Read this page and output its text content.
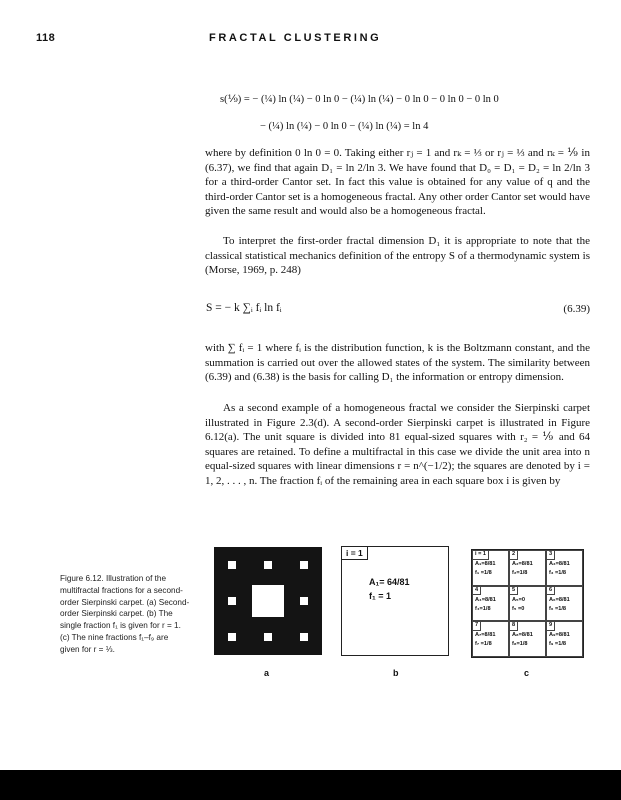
118	FRACTAL CLUSTERING
s(⅑) = − (¼) ln (¼) − 0 ln 0 − (¼) ln (¼) − 0 ln 0 − 0 ln 0 − 0 ln 0
− (¼) ln (¼) − 0 ln 0 − (¼) ln (¼) = ln 4

where by definition 0 ln 0 = 0. Taking either rⱼ = 1 and rₖ = ⅓ or rⱼ = ⅓ and rₖ = ⅑ in (6.37), we find that again D₁ = ln 2/ln 3. We have found that D₀ = D₁ = D₂ = ln 2/ln 3 for a third-order Cantor set. In fact this value is obtained for any value of q and the third-order Cantor set is a homogeneous fractal. Any other order Cantor set would have given the same result and would also be a homogeneous fractal.

To interpret the first-order fractal dimension D₁ it is appropriate to note that the classical statistical mechanics definition of the entropy S of a thermodynamic system is (Morse, 1969, p. 248)

S = − k ∑ᵢ fᵢ ln fᵢ	(6.39)

with ∑ fᵢ = 1 where fᵢ is the distribution function, k is the Boltzmann constant, and the summation is carried out over the allowed states of the system. The similarity between (6.39) and (6.38) is the basis for calling D₁ the information or entropy dimension.

As a second example of a homogeneous fractal we consider the Sierpinski carpet illustrated in Figure 2.3(d). A second-order Sierpinski carpet is illustrated in Figure 6.12(a). The unit square is divided into 81 equal-sized squares with r₂ = ⅑ and 64 squares are retained. To define a multifractal in this case we divide the unit area into n equal-sized squares with linear dimensions r = n^(−1/2); the squares are denoted by i = 1, 2, . . . , n. The fraction fᵢ of the remaining area in each square box i is given by

Figure 6.12. Illustration of the multifractal fractions for a second-order Sierpinski carpet. (a) Second-order Sierpinski carpet. (b) The single fraction f₁ is given for r = 1. (c) The nine fractions f₁–f₉ are given for r = ⅓.
a
i = 1
A₁= 64/81
f₁ = 1
b
i = 1
A₁=8/81
f₁ =1/8
2
A₂=8/81
f₂=1/8
3
A₃=8/81
f₃ =1/8
4
A₄=8/81
f₄=1/8
5
A₅=0
f₅ =0
6
A₆=8/81
f₆ =1/8
7
A₇=8/81
f₇ =1/8
8
A₈=8/81
f₈=1/8
9
A₉=8/81
f₉ =1/8
c
